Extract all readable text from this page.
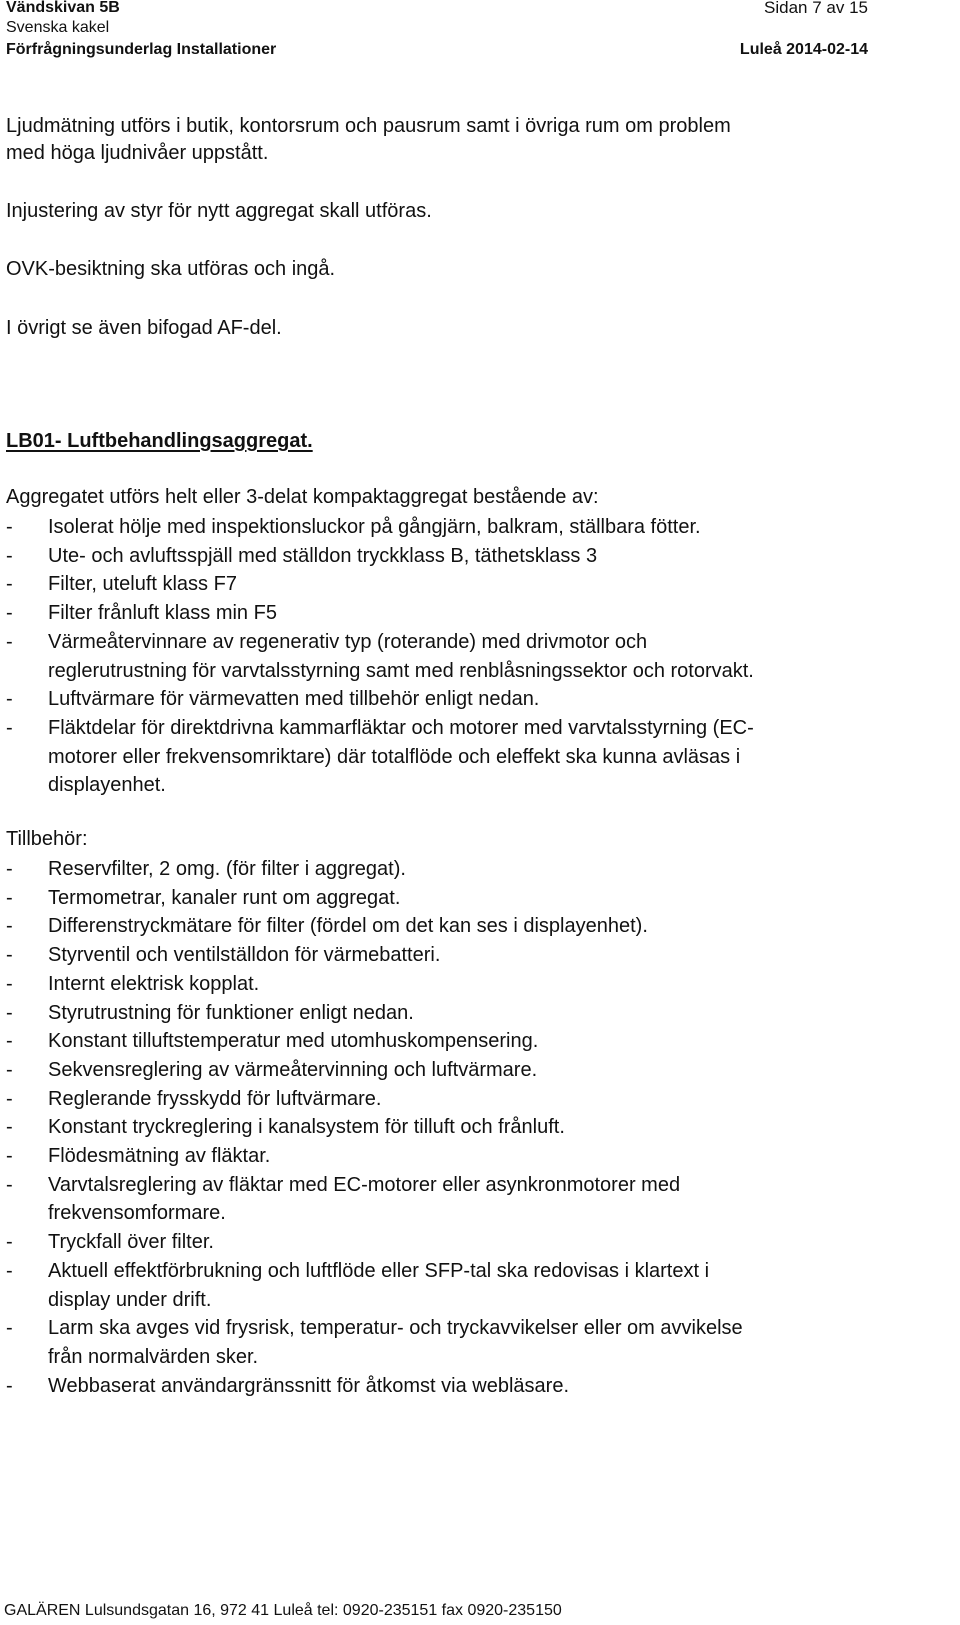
Vändskivan 5B	Sidan 7 av 15
Svenska kakel
Förfrågningsunderlag Installationer	Luleå 2014-02-14

Ljudmätning utförs i butik, kontorsrum och pausrum samt i övriga rum om problem
med höga ljudnivåer uppstått.

Injustering av styr för nytt aggregat skall utföras.

OVK-besiktning ska utföras och ingå.

I övrigt se även bifogad AF-del.

LB01- Luftbehandlingsaggregat.

Aggregatet utförs helt eller 3-delat kompaktaggregat bestående av:

- Isolerat hölje med inspektionsluckor på gångjärn, balkram, ställbara fötter.
- Ute- och avluftsspjäll med ställdon tryckklass B, täthetsklass 3
- Filter, uteluft klass F7
- Filter frånluft klass min F5
- Värmeåtervinnare av regenerativ typ (roterande) med drivmotor och
reglerutrustning för varvtalsstyrning samt med renblåsningssektor och rotorvakt.
- Luftvärmare för värmevatten med tillbehör enligt nedan.
- Fläktdelar för direktdrivna kammarfläktar och motorer med varvtalsstyrning (EC-
motorer eller frekvensomriktare) där totalflöde och eleffekt ska kunna avläsas i
displayenhet.

Tillbehör:

- Reservfilter, 2 omg. (för filter i aggregat).
- Termometrar, kanaler runt om aggregat.
- Differenstryckmätare för filter (fördel om det kan ses i displayenhet).
- Styrventil och ventilställdon för värmebatteri.
- Internt elektrisk kopplat.
- Styrutrustning för funktioner enligt nedan.
- Konstant tilluftstemperatur med utomhuskompensering.
- Sekvensreglering av värmeåtervinning och luftvärmare.
- Reglerande frysskydd för luftvärmare.
- Konstant tryckreglering i kanalsystem för tilluft och frånluft.
- Flödesmätning av fläktar.
- Varvtalsreglering av fläktar med EC-motorer eller asynkronmotorer med
frekvensomformare.
- Tryckfall över filter.
- Aktuell effektförbrukning och luftflöde eller SFP-tal ska redovisas i klartext i
display under drift.
- Larm ska avges vid frysrisk, temperatur- och tryckavvikelser eller om avvikelse
från normalvärden sker.
- Webbaserat användargränssnitt för åtkomst via webläsare.
GALÄREN Lulsundsgatan 16, 972 41 Luleå tel: 0920-235151 fax 0920-235150
